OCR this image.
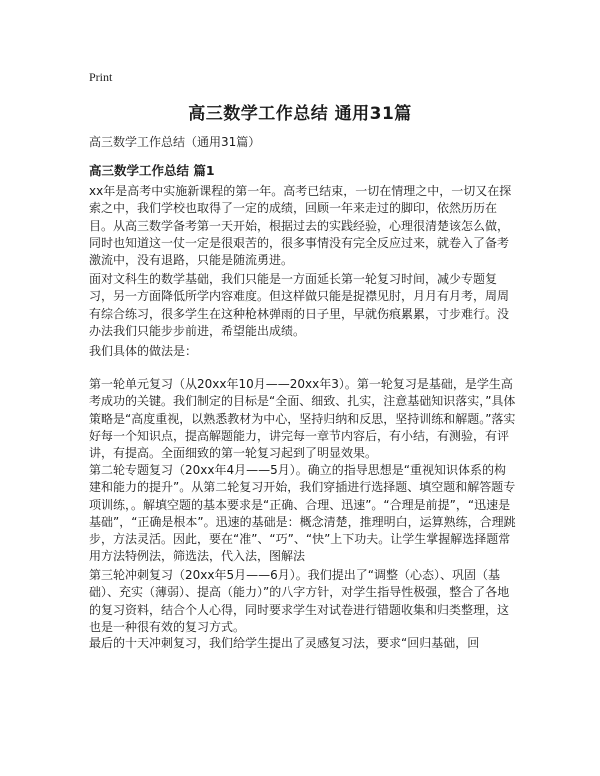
Print
高三数学工作总结 通用31篇
高三数学工作总结（通用31篇）
高三数学工作总结 篇1

xx年是高考中实施新课程的第一年。高考已结束，一切在情理之中，一切又在探索之中，我们学校也取得了一定的成绩，回顾一年来走过的脚印，依然历历在目。从高三数学备考第一天开始，根据过去的实践经验，心理很清楚该怎么做，同时也知道这一仗一定是很艰苦的，很多事情没有完全反应过来，就卷入了备考激流中，没有退路，只能是随流勇进。

面对文科生的数学基础，我们只能是一方面延长第一轮复习时间，减少专题复习，另一方面降低所学内容难度。但这样做只能是捉襟见肘，月月有月考，周周有综合练习，很多学生在这种枪林弹雨的日子里，早就伤痕累累，寸步难行。没办法我们只能步步前进，希望能出成绩。

我们具体的做法是：

第一轮单元复习（从20xx年10月——20xx年3）。第一轮复习是基础，是学生高考成功的关键。我们制定的目标是“全面、细致、扎实，注意基础知识落实，”具体策略是“高度重视，以熟悉教材为中心，坚持归纳和反思，坚持训练和解题。”落实好每一个知识点，提高解题能力，讲完每一章节内容后，有小结，有测验，有评讲，有提高。全面细致的第一轮复习起到了明显效果。

第二轮专题复习（20xx年4月——5月）。确立的指导思想是“重视知识体系的构建和能力的提升”。从第二轮复习开始，我们穿插进行选择题、填空题和解答题专项训练，。解填空题的基本要求是“正确、合理、迅速”。“合理是前提”，“迅速是基础”，“正确是根本”。迅速的基础是：概念清楚，推理明白，运算熟练，合理跳步，方法灵活。因此，要在“准”、“巧”、“快”上下功夫。让学生掌握解选择题常用方法特例法，筛选法，代入法，图解法

第三轮冲刺复习（20xx年5月——6月）。我们提出了“调整（心态）、巩固（基础）、充实（薄弱）、提高（能力）”的八字方针，对学生指导性极强，整合了各地的复习资料，结合个人心得，同时要求学生对试卷进行错题收集和归类整理，这也是一种很有效的复习方式。

最后的十天冲刺复习，我们给学生提出了灵感复习法，要求“回归基础，回
